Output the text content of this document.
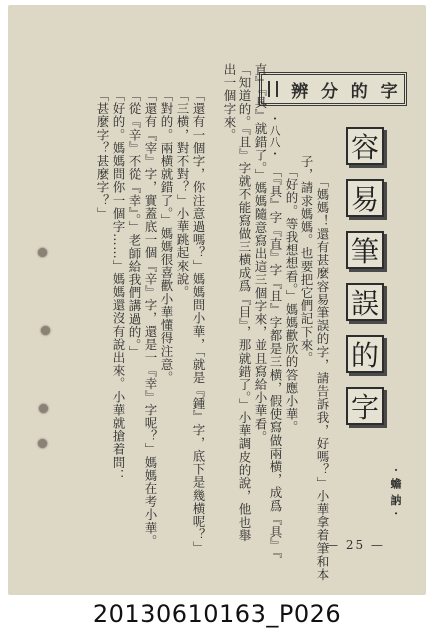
辨 分 的 字
容
易
筆
誤
的
字
· 蟾 訥 ·
「媽媽！還有甚麼容易筆誤的字，請告訴我，好嗎？」小華拿着筆和本
子，請求媽媽。也要把它們記下來。
「好的。等我想想看。」媽媽歡欣的答應小華。
「『具』字『直』字『且』字都是三横，假使寫做兩横，成爲『具』『
直』『具』就錯了。」媽媽隨意寫出這三個字來，並且寫給小華看。
「知道的。『且』字就不能寫做三横成爲『目』，那就錯了。」小華調皮的說，他也舉
出一個字來。	・八八・
「還有一個字，你注意過嗎？」媽媽問小華，「就是『鍾』字，底下是幾横呢？」
「三横，對不對？」小華跳起來說。
「對的。兩横就錯了。」媽媽很喜歡小華懂得注意。
「還有『宰』字，實蓋底一個『辛』字，還是一『幸』字呢？」媽媽在考小華。
「從『辛』不從『幸』。」老師給我們講過的。」
「好的。媽媽問你一個字……」媽媽還沒有說出來。小華就搶着問：
「甚麼字？甚麼字？」
— 25 —
20130610163_P026
